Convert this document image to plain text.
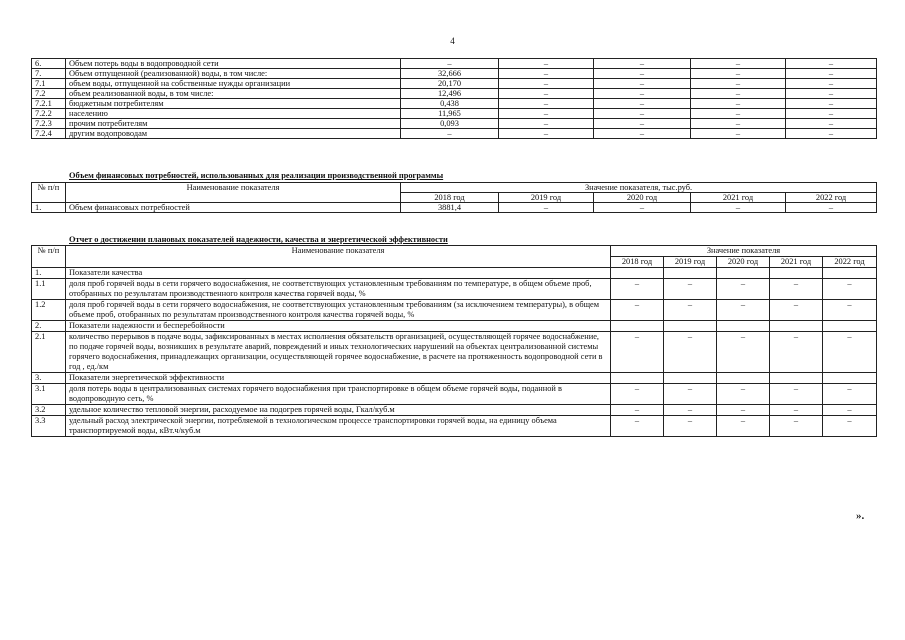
4
6.	Объем потерь воды в водопроводной сети	–	–	–	–	–
7.	Объем отпущенной (реализованной) воды, в том числе:	32,666	–	–	–	–
7.1	объем воды, отпущенной на собственные нужды организации	20,170	–	–	–	–
7.2	объем реализованной воды, в том числе:	12,496	–	–	–	–
7.2.1	бюджетным потребителям	0,438	–	–	–	–
7.2.2	населению	11,965	–	–	–	–
7.2.3	прочим потребителям	0,093	–	–	–	–
7.2.4	другим водопроводам	–	–	–	–	–
Объем финансовых потребностей, использованных для реализации производственной программы
№ п/п	Наименование показателя	Значение показателя, тыс.руб.				
		2018 год	2019 год	2020 год	2021 год	2022 год
1.	Объем финансовых потребностей	3881,4	–	–	–	–
Отчет о достижении плановых показателей надежности, качества и энергетической эффективности
№ п/п	Наименование показателя	Значение показателя				
		2018 год	2019 год	2020 год	2021 год	2022 год
1.	Показатели качества					
1.1	доля проб горячей воды в сети горячего водоснабжения, не соответствующих установленным требованиям по температуре, в общем объеме проб, отобранных по результатам производственного контроля качества горячей воды, %	–	–	–	–	–
1.2	доля проб горячей воды в сети горячего водоснабжения, не соответствующих установленным требованиям (за исключением температуры), в общем объеме проб, отобранных по результатам производственного контроля качества горячей воды, %	–	–	–	–	–
2.	Показатели надежности и бесперебойности					
2.1	количество перерывов в подаче воды, зафиксированных в местах исполнения обязательств организацией, осуществляющей горячее водоснабжение, по подаче горячей воды, возникших в результате аварий, повреждений и иных технологических нарушений на объектах централизованной системы горячего водоснабжения, принадлежащих организации, осуществляющей горячее водоснабжение, в расчете на протяженность водопроводной сети в год , ед./км	–	–	–	–	–
3.	Показатели энергетической эффективности					
3.1	доля потерь воды в централизованных системах горячего водоснабжения при транспортировке в общем объеме горячей воды, поданной в водопроводную сеть, %	–	–	–	–	–
3.2	удельное количество тепловой энергии, расходуемое на подогрев горячей воды, Гкал/куб.м	–	–	–	–	–
3.3	удельный расход электрической энергии, потребляемой в технологическом процессе транспортировки горячей воды, на единицу объема транспортируемой воды, кВт.ч/куб.м	–	–	–	–	–
».
